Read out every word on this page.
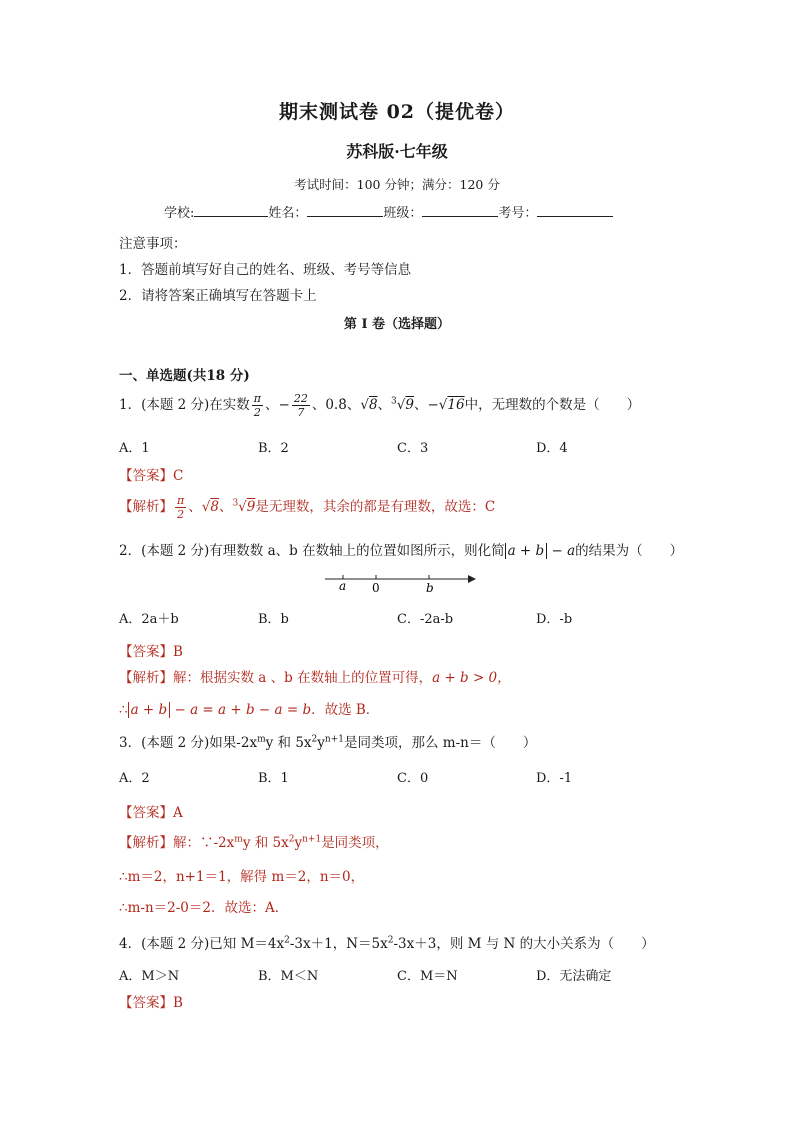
期末测试卷 02（提优卷）
苏科版·七年级
考试时间：100 分钟；满分：120 分
学校:	姓名：	班级：	考号：
注意事项：
1．答题前填写好自己的姓名、班级、考号等信息
2．请将答案正确填写在答题卡上
第 I 卷（选择题）
一、单选题(共18 分)
1．(本题 2 分)在实数 $\frac{\pi}{2}$ 、− $\frac{22}{7}$ 、0.8̇、√8、$^3$√9、−√16中，无理数的个数是（　　）
A．1	B．2	C．3	D．4
【答案】C
【解析】 $\frac{\pi}{2}$ 、√8、$^3$√9是无理数，其余的都是有理数，故选：C
2．(本题 2 分)有理数数 a、b 在数轴上的位置如图所示，则化简 a + b − a的结果为（　　）
a 0	b
A．2a＋b	B．b	C．-2a-b	D．-b
【答案】B
【解析】解：根据实数 a 、b 在数轴上的位置可得，a + b > 0，
∴ a + b − a = a + b − a = b．故选 B．
3．(本题 2 分)如果$-2x^my$ 和 $5x^2y^{n+1}$是同类项，那么 m-n＝（　　）
A．2	B．1	C．0	D．-1
【答案】A
【解析】解：$\because-2x^my$ 和 $5x^2y^{n+1}$是同类项，
∴m＝2，n+1＝1，解得 m＝2，n＝0，
∴m-n＝2-0＝2．故选：A．
4．(本题 2 分)已知 $M=4x^2-3x+1$，$N=5x^2-3x+3$，则 M 与 N 的大小关系为（　　）
A．M＞N	B．M＜N	C．M＝N	D．无法确定
【答案】B
